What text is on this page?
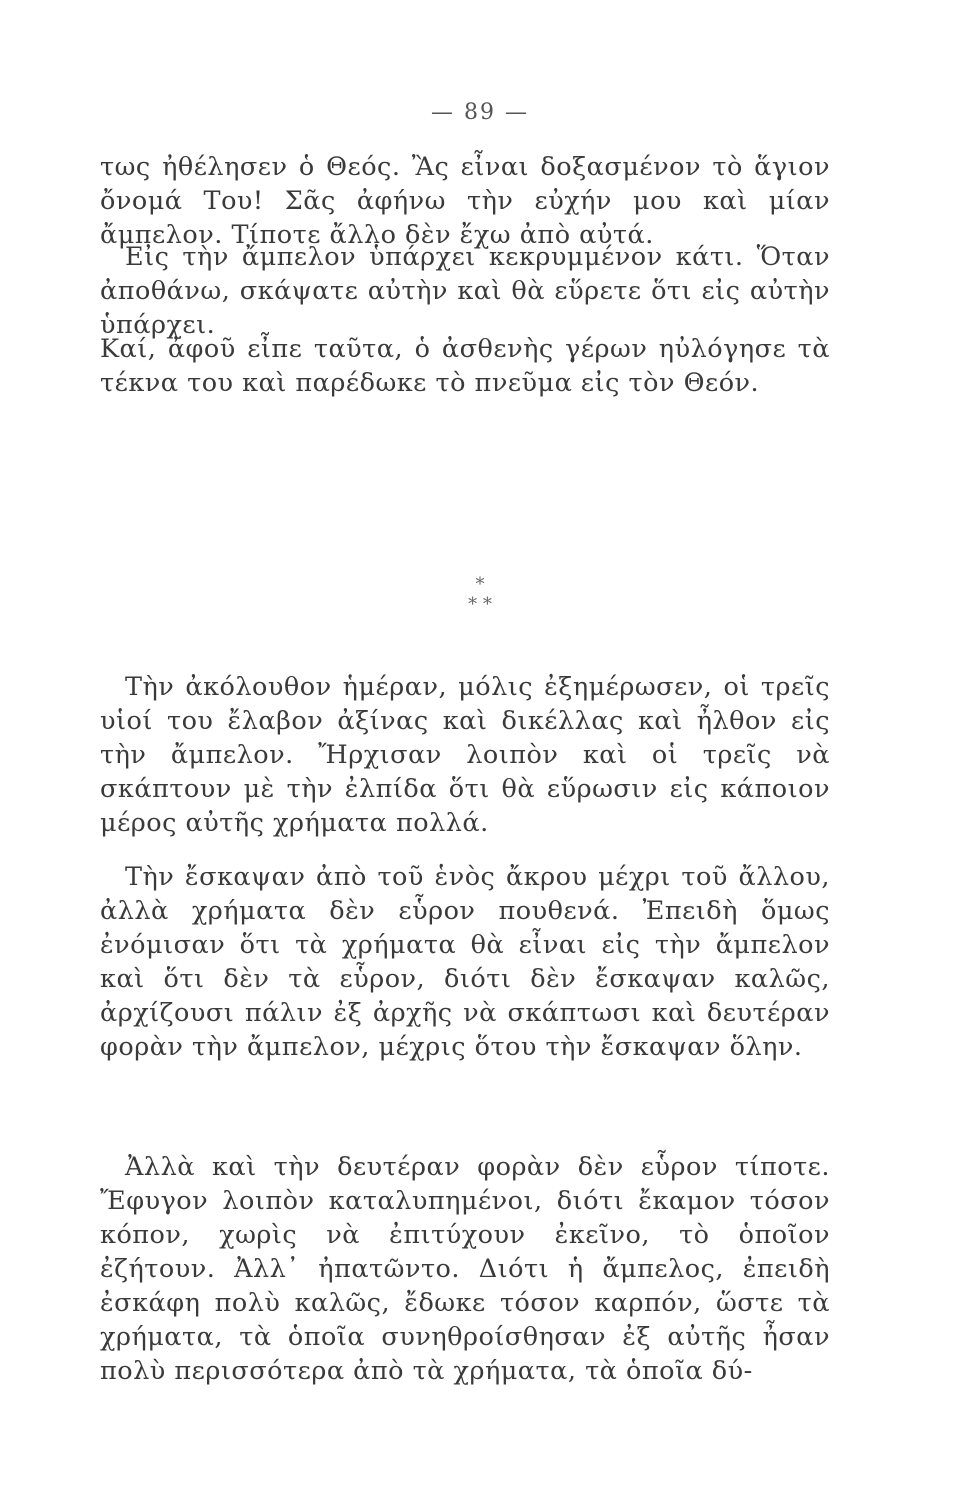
— 89 —

τως ἠθέλησεν ὁ Θεός. Ἂς εἶναι δοξασμένον τὸ ἅγιον ὄνομά Του! Σᾶς ἀφήνω τὴν εὐχήν μου καὶ μίαν ἄμπελον. Τίποτε ἄλλο δὲν ἔχω ἀπὸ αὐτά.

Εἰς τὴν ἄμπελον ὑπάρχει κεκρυμμένον κάτι. Ὅταν ἀποθάνω, σκάψατε αὐτὴν καὶ θὰ εὕρετε ὅτι εἰς αὐτὴν ὑπάρχει.

Καί, ἀφοῦ εἶπε ταῦτα, ὁ ἀσθενὴς γέρων ηὐλόγησε τὰ τέκνα του καὶ παρέδωκε τὸ πνεῦμα εἰς τὸν Θεόν.

*
* *

Τὴν ἀκόλουθον ἡμέραν, μόλις ἐξημέρωσεν, οἱ τρεῖς υἱοί του ἔλαβον ἀξίνας καὶ δικέλλας καὶ ἦλθον εἰς τὴν ἄμπελον. Ἤρχισαν λοιπὸν καὶ οἱ τρεῖς νὰ σκάπτουν μὲ τὴν ἐλπίδα ὅτι θὰ εὕρωσιν εἰς κάποιον μέρος αὐτῆς χρήματα πολλά.

Τὴν ἔσκαψαν ἀπὸ τοῦ ἑνὸς ἄκρου μέχρι τοῦ ἄλλου, ἀλλὰ χρήματα δὲν εὗρον πουθενά. Ἐπειδὴ ὅμως ἐνόμισαν ὅτι τὰ χρήματα θὰ εἶναι εἰς τὴν ἄμπελον καὶ ὅτι δὲν τὰ εὗρον, διότι δὲν ἔσκαψαν καλῶς, ἀρχίζουσι πάλιν ἐξ ἀρχῆς νὰ σκάπτωσι καὶ δευτέραν φορὰν τὴν ἄμπελον, μέχρις ὅτου τὴν ἔσκαψαν ὅλην.

Ἀλλὰ καὶ τὴν δευτέραν φορὰν δὲν εὗρον τίποτε. Ἔφυγον λοιπὸν καταλυπημένοι, διότι ἔκαμον τόσον κόπον, χωρὶς νὰ ἐπιτύχουν ἐκεῖνο, τὸ ὁποῖον ἐζήτουν. Ἀλλ᾽ ἠπατῶντο. Διότι ἡ ἄμπελος, ἐπειδὴ ἐσκάφη πολὺ καλῶς, ἔδωκε τόσον καρπόν, ὥστε τὰ χρήματα, τὰ ὁποῖα συνηθροίσθησαν ἐξ αὐτῆς ἦσαν πολὺ περισσότερα ἀπὸ τὰ χρήματα, τὰ ὁποῖα δύ-
